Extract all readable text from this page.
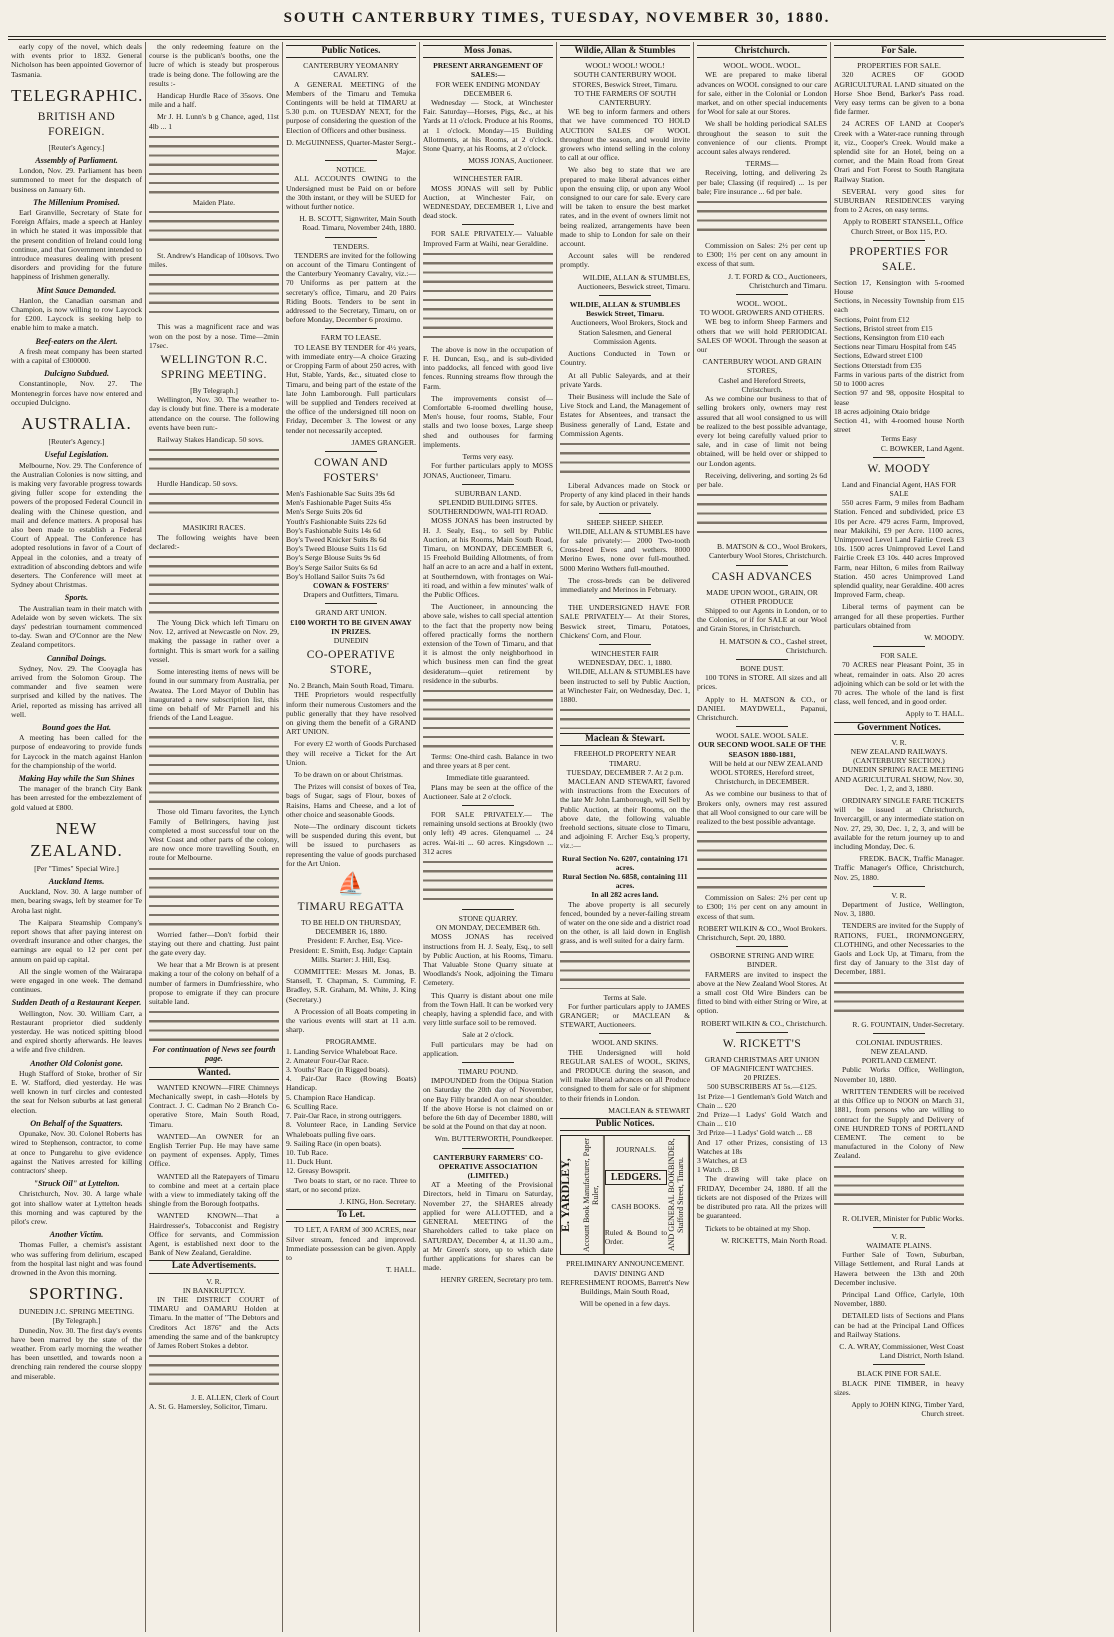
SOUTH CANTERBURY TIMES, TUESDAY, NOVEMBER 30, 1880.

early copy of the novel, which deals with events prior to 1832. General Nicholson has been appointed Governor of Tasmania.

TELEGRAPHIC.
BRITISH AND FOREIGN.
[Reuter's Agency.]
Assembly of Parliament.

London, Nov. 29. Parliament has been summoned to meet for the despatch of business on January 6th.

The Millenium Promised.

Earl Granville, Secretary of State for Foreign Affairs, made a speech at Hanley in which he stated it was impossible that the present condition of Ireland could long continue, and that Government intended to introduce measures dealing with present disorders and providing for the future happiness of Irishmen generally.

Mint Sauce Demanded.

Hanlon, the Canadian oarsman and Champion, is now willing to row Laycock for £200. Laycock is seeking help to enable him to make a match.

Beef-eaters on the Alert.

A fresh meat company has been started with a capital of £300000.

Dulcigno Subdued.

Constantinople, Nov. 27. The Montenegrin forces have now entered and occupied Dulcigno.

AUSTRALIA.
[Reuter's Agency.]
Useful Legislation.

Melbourne, Nov. 29. The Conference of the Australian Colonies is now sitting, and is making very favorable progress towards giving fuller scope for extending the powers of the proposed Federal Council in dealing with the Chinese question, and mail and defence matters. A proposal has also been made to establish a Federal Court of Appeal. The Conference has adopted resolutions in favor of a Court of Appeal in the colonies, and a treaty of extradition of absconding debtors and wife deserters. The Conference will meet at Sydney about Christmas.

Sports.

The Australian team in their match with Adelaide won by seven wickets. The six days' pedestrian tournament commenced to-day. Swan and O'Connor are the New Zealand competitors.

Cannibal Doings.

Sydney, Nov. 29. The Cooyagla has arrived from the Solomon Group. The commander and five seamen were surprised and killed by the natives. The Ariel, reported as missing has arrived all well.

Bound goes the Hat.

A meeting has been called for the purpose of endeavoring to provide funds for Laycock in the match against Hanlon for the championship of the world.

Making Hay while the Sun Shines

The manager of the branch City Bank has been arrested for the embezzlement of gold valued at £800.

NEW ZEALAND.
[Per "Times" Special Wire.]
Auckland Items.

Auckland, Nov. 30. A large number of men, bearing swags, left by steamer for Te Aroha last night.

The Kaipara Steamship Company's report shows that after paying interest on overdraft insurance and other charges, the earnings are equal to 12 per cent per annum on paid up capital.

All the single women of the Wairarapa were engaged in one week. The demand continues.

Sudden Death of a Restaurant Keeper.

Wellington, Nov. 30. William Carr, a Restaurant proprietor died suddenly yesterday. He was noticed spitting blood and expired shortly afterwards. He leaves a wife and five children.

Another Old Colonist gone.

Hugh Stafford of Stoke, brother of Sir E. W. Stafford, died yesterday. He was well known in turf circles and contested the seat for Nelson suburbs at last general election.

On Behalf of the Squatters.

Opunake, Nov. 30. Colonel Roberts has wired to Stephenson, contractor, to come at once to Pungarehu to give evidence against the Natives arrested for killing contractors' sheep.

"Struck Oil" at Lyttelton.

Christchurch, Nov. 30. A large whale got into shallow water at Lyttelton heads this morning and was captured by the pilot's crew.

Another Victim.

Thomas Fuller, a chemist's assistant who was suffering from delirium, escaped from the hospital last night and was found drowned in the Avon this morning.

SPORTING.
DUNEDIN J.C. SPRING MEETING.
[By Telegraph.]

Dunedin, Nov. 30. The first day's events have been marred by the state of the weather. From early morning the weather has been unsettled, and towards noon a drenching rain rendered the course sloppy and miserable.

the only redeeming feature on the course is the publican's booths, one the lucre of which is steady but prosperous trade is being done. The following are the results :-

Handicap Hurdle Race of 35sovs. One mile and a half.

Mr J. H. Lunn's b g Chance, aged, 11st 4lb ... 1

Maiden Plate.

St. Andrew's Handicap of 100sovs. Two miles.

This was a magnificent race and was won on the post by a nose. Time—2min 17sec.

WELLINGTON R.C. SPRING MEETING.
[By Telegraph.]

Wellington, Nov. 30. The weather to-day is cloudy but fine. There is a moderate attendance on the course. The following events have been run:-

Railway Stakes Handicap. 50 sovs.

Hurdle Handicap. 50 sovs.

MASIKIRI RACES.

The following weights have been declared:-

The Young Dick which left Timaru on Nov. 12, arrived at Newcastle on Nov. 29, making the passage in rather over a fortnight. This is smart work for a sailing vessel.

Some interesting items of news will be found in our summary from Australia, per Awatea. The Lord Mayor of Dublin has inaugurated a new subscription list, this time on behalf of Mr Parnell and his friends of the Land League.

Those old Timaru favorites, the Lynch Family of Bellringers, having just completed a most successful tour on the West Coast and other parts of the colony, are now once more travelling South, en route for Melbourne.

Worried father—Don't forbid their staying out there and chatting. Just paint the gate every day.

We hear that a Mr Brown is at present making a tour of the colony on behalf of a number of farmers in Dumfriesshire, who propose to emigrate if they can procure suitable land.

For continuation of News see fourth page.
Wanted.

WANTED KNOWN—FIRE Chimneys Mechanically swept, in cash—Hotels by Contract. J. C. Cadman No 2 Branch Co-operative Store, Main South Road, Timaru.

WANTED—An OWNER for an English Terrier Pup. He may have same on payment of expenses. Apply, Times Office.

WANTED all the Ratepayers of Timaru to combine and meet at a certain place with a view to immediately taking off the shingle from the Borough footpaths.

WANTED KNOWN—That a Hairdresser's, Tobacconist and Registry Office for servants, and Commission Agent, is established next door to the Bank of New Zealand, Geraldine.

Late Advertisements.
V. R.
IN BANKRUPTCY.

IN THE DISTRICT COURT of TIMARU and OAMARU Holden at Timaru. In the matter of "The Debtors and Creditors Act 1876" and the Acts amending the same and of the bankruptcy of James Robert Stokes a debtor.

J. E. ALLEN, Clerk of Court
A. St. G. Hamersley, Solicitor, Timaru.
Public Notices.
CANTERBURY YEOMANRY CAVALRY.

A GENERAL MEETING of the Members of the Timaru and Temuka Contingents will be held at TIMARU at 5.30 p.m. on TUESDAY NEXT, for the purpose of considering the question of the Election of Officers and other business.

D. McGUINNESS, Quarter-Master Sergt.-Major.
NOTICE.

ALL ACCOUNTS OWING to the Undersigned must be Paid on or before the 30th instant, or they will be SUED for without further notice.

H. B. SCOTT, Signwriter, Main South Road. Timaru, November 24th, 1880.
TENDERS.

TENDERS are invited for the following on account of the Timaru Contingent of the Canterbury Yeomanry Cavalry, viz.:— 70 Uniforms as per pattern at the secretary's office, Timaru, and 20 Pairs Riding Boots. Tenders to be sent in addressed to the Secretary, Timaru, on or before Monday, December 6 proximo.

FARM TO LEASE.

TO LEASE BY TENDER for 4½ years, with immediate entry—A choice Grazing or Cropping Farm of about 250 acres, with Hut, Stable, Yards, &c., situated close to Timaru, and being part of the estate of the late John Lamborough. Full particulars will be supplied and Tenders received at the office of the undersigned till noon on Friday, December 3. The lowest or any tender not necessarily accepted.

JAMES GRANGER.
COWAN AND FOSTERS'
Men's Fashionable Sac Suits 39s 6d
Men's Fashionable Paget Suits 45s
Men's Serge Suits 20s 6d
Youth's Fashionable Suits 22s 6d
Boy's Fashionable Suits 14s 6d
Boy's Tweed Knicker Suits 8s 6d
Boy's Tweed Blouse Suits 11s 6d
Boy's Serge Blouse Suits 9s 6d
Boy's Serge Sailor Suits 6s 6d
Boy's Holland Sailor Suits 7s 6d
COWAN & FOSTERS'
Drapers and Outfitters, Timaru.
GRAND ART UNION.
£100 WORTH TO BE GIVEN AWAY IN PRIZES.
DUNEDIN
CO-OPERATIVE STORE,
No. 2 Branch, Main South Road, Timaru.

THE Proprietors would respectfully inform their numerous Customers and the public generally that they have resolved on giving them the benefit of a GRAND ART UNION.

For every £2 worth of Goods Purchased they will receive a Ticket for the Art Union.

To be drawn on or about Christmas.

The Prizes will consist of boxes of Tea, bags of Sugar, sags of Flour, boxes of Raisins, Hams and Cheese, and a lot of other choice and seasonable Goods.

Note—The ordinary discount tickets will be suspended during this event, but will be issued to purchasers as representing the value of goods purchased for the Art Union.

⛵
TIMARU REGATTA
TO BE HELD ON THURSDAY, DECEMBER 16, 1880.

President: F. Archer, Esq. Vice-President: E. Smith, Esq. Judge: Captain Mills. Starter: J. Hill, Esq.

COMMITTEE: Messrs M. Jonas, B. Stansell, T. Chapman, S. Cumming, F. Bradley, S.R. Graham, M. White, J. King (Secretary.)

A Procession of all Boats competing in the various events will start at 11 a.m. sharp.

PROGRAMME.
1. Landing Service Whaleboat Race.
2. Amateur Four-Oar Race.
3. Youths' Race (in Rigged boats).
4. Pair-Oar Race (Rowing Boats) Handicap.
5. Champion Race Handicap.
6. Sculling Race.
7. Pair-Oar Race, in strong outriggers.
8. Volunteer Race, in Landing Service Whaleboats pulling five oars.
9. Sailing Race (in open boats).
10. Tub Race.
11. Duck Hunt.
12. Greasy Bowsprit.

Two boats to start, or no race. Three to start, or no second prize.

J. KING, Hon. Secretary.
To Let.

TO LET, A FARM of 300 ACRES, near Silver stream, fenced and improved. Immediate possession can be given. Apply to

T. HALL.
Moss Jonas.
PRESENT ARRANGEMENT OF SALES:—
FOR WEEK ENDING MONDAY DECEMBER 6.

Wednesday — Stock, at Winchester Fair. Saturday—Horses, Pigs, &c., at his Yards at 11 o'clock. Produce at his Rooms, at 1 o'clock. Monday—15 Building Allotments, at his Rooms, at 2 o'clock. Stone Quarry, at his Rooms, at 2 o'clock.

MOSS JONAS, Auctioneer.
WINCHESTER FAIR.

MOSS JONAS will sell by Public Auction, at Winchester Fair, on WEDNESDAY, DECEMBER 1, Live and dead stock.

FOR SALE PRIVATELY.— Valuable Improved Farm at Waihi, near Geraldine.

The above is now in the occupation of F. H. Duncan, Esq., and is sub-divided into paddocks, all fenced with good live fences. Running streams flow through the Farm.

The improvements consist of—Comfortable 6-roomed dwelling house, Men's house, four rooms, Stable, Four stalls and two loose boxes, Large sheep shed and outhouses for farming implements.

Terms very easy.

For further particulars apply to MOSS JONAS, Auctioneer, Timaru.

SUBURBAN LAND.
SPLENDID BUILDING SITES.
SOUTHERNDOWN, WAI-ITI ROAD.

MOSS JONAS has been instructed by H. J. Sealy, Esq., to sell by Public Auction, at his Rooms, Main South Road, Timaru, on MONDAY, DECEMBER 6, 15 Freehold Building Allotments, of from half an acre to an acre and a half in extent, at Southerndown, with frontages on Wai-iti road, and within a few minutes' walk of the Public Offices.

The Auctioneer, in announcing the above sale, wishes to call special attention to the fact that the property now being offered practically forms the northern extension of the Town of Timaru, and that it is almost the only neighborhood in which business men can find the great desideratum—quiet retirement by residence in the suburbs.

Terms: One-third cash. Balance in two and three years at 8 per cent.

Immediate title guaranteed.

Plans may be seen at the office of the Auctioneer. Sale at 2 o'clock.

FOR SALE PRIVATELY.— The remaining unsold sections at Brookly (two only left) 49 acres. Glenquamel ... 24 acres. Wai-iti ... 60 acres. Kingsdown ... 312 acres

STONE QUARRY.
ON MONDAY, DECEMBER 6th.

MOSS JONAS has received instructions from H. J. Sealy, Esq., to sell by Public Auction, at his Rooms, Timaru. That Valuable Stone Quarry situate at Woodlands's Nook, adjoining the Timaru Cemetery.

This Quarry is distant about one mile from the Town Hall. It can be worked very cheaply, having a splendid face, and with very little surface soil to be removed.

Sale at 2 o'clock.

Full particulars may be had on application.

TIMARU POUND.

IMPOUNDED from the Otipua Station on Saturday the 20th day of November, one Bay Filly branded A on near shoulder. If the above Horse is not claimed on or before the 6th day of December 1880, will be sold at the Pound on that day at noon.

Wm. BUTTERWORTH, Poundkeeper.
CANTERBURY FARMERS' CO-OPERATIVE ASSOCIATION (LIMITED.)

AT a Meeting of the Provisional Directors, held in Timaru on Saturday, November 27, the SHARES already applied for were ALLOTTED, and a GENERAL MEETING of the Shareholders called to take place on SATURDAY, December 4, at 11.30 a.m., at Mr Green's store, up to which date further applications for shares can be made.

HENRY GREEN, Secretary pro tem.
Wildie, Allan & Stumbles
WOOL! WOOL! WOOL!
SOUTH CANTERBURY WOOL STORES, Beswick Street, Timaru.
TO THE FARMERS OF SOUTH CANTERBURY.

WE beg to inform farmers and others that we have commenced TO HOLD AUCTION SALES OF WOOL throughout the season, and would invite growers who intend selling in the colony to call at our office.

We also beg to state that we are prepared to make liberal advances either upon the ensuing clip, or upon any Wool consigned to our care for sale. Every care will be taken to ensure the best market rates, and in the event of owners limit not being realized, arrangements have been made to ship to London for sale on their account.

Account sales will be rendered promptly.

WILDIE, ALLAN & STUMBLES, Auctioneers, Beswick street, Timaru.
WILDIE, ALLAN & STUMBLES Beswick Street, Timaru.

Auctioneers, Wool Brokers, Stock and Station Salesmen, and General Commission Agents.

Auctions Conducted in Town or Country.

At all Public Saleyards, and at their private Yards.

Their Business will include the Sale of Live Stock and Land, the Management of Estates for Absentees, and transact the Business generally of Land, Estate and Commission Agents.

Liberal Advances made on Stock or Property of any kind placed in their hands for sale, by Auction or privately.

SHEEP. SHEEP. SHEEP.

WILDIE, ALLAN & STUMBLES have for sale privately:— 2000 Two-tooth Cross-bred Ewes and wethers. 8000 Merino Ewes, none over full-mouthed. 5000 Merino Wethers full-mouthed.

The cross-breds can be delivered immediately and Merinos in February.

THE UNDERSIGNED HAVE FOR SALE PRIVATELY— At their Stores, Beswick street, Timaru, Potatoes, Chickens' Corn, and Flour.

WINCHESTER FAIR
WEDNESDAY, DEC. 1, 1880.

WILDIE, ALLAN & STUMBLES have been instructed to sell by Public Auction, at Winchester Fair, on Wednesday, Dec. 1, 1880.

Maclean & Stewart.
FREEHOLD PROPERTY NEAR TIMARU.
TUESDAY, DECEMBER 7. At 2 p.m.

MACLEAN AND STEWART, favored with instructions from the Executors of the late Mr John Lamborough, will Sell by Public Auction, at their Rooms, on the above date, the following valuable freehold sections, situate close to Timaru, and adjoining F. Archer Esq.'s property, viz.:—

Rural Section No. 6207, containing 171 acres.
Rural Section No. 6858, containing 111 acres.
In all 282 acres land.

The above property is all securely fenced, bounded by a never-failing stream of water on the one side and a district road on the other, is all laid down in English grass, and is well suited for a dairy farm.

Terms at Sale.

For further particulars apply to JAMES GRANGER; or MACLEAN & STEWART, Auctioneers.

WOOL AND SKINS.

THE Undersigned will hold REGULAR SALES of WOOL, SKINS, and PRODUCE during the season, and will make liberal advances on all Produce consigned to them for sale or for shipment to their friends in London.

MACLEAN & STEWART
Public Notices.
E. YARDLEY,	Account Book Manufacturer, Paper Ruler,
JOURNALS.
LEDGERS.
CASH BOOKS.
Ruled & Bound to Order.	AND GENERAL BOOKBINDER, Stafford Street, Timaru.
PRELIMINARY ANNOUNCEMENT.

DAVIS' DINING AND REFRESHMENT ROOMS, Barrett's New Buildings, Main South Road,

Will be opened in a few days.
Christchurch.
WOOL. WOOL. WOOL.

WE are prepared to make liberal advances on WOOL consigned to our care for sale, either in the Colonial or London market, and on other special inducements for Wool for sale at our Stores.

We shall be holding periodical SALES throughout the season to suit the convenience of our clients. Prompt account sales always rendered.

TERMS—

Receiving, lotting, and delivering 2s per bale; Classing (if required) ... 1s per bale; Fire insurance ... 6d per bale.

Commission on Sales: 2½ per cent up to £300; 1½ per cent on any amount in excess of that sum.

J. T. FORD & CO., Auctioneers, Christchurch and Timaru.
WOOL. WOOL.
TO WOOL GROWERS AND OTHERS.

WE beg to inform Sheep Farmers and others that we will hold PERIODICAL SALES OF WOOL Through the season at our

CANTERBURY WOOL AND GRAIN STORES,
Cashel and Hereford Streets, Christchurch.

As we combine our business to that of selling brokers only, owners may rest assured that all wool consigned to us will be realized to the best possible advantage, every lot being carefully valued prior to sale, and in case of limit not being obtained, will be held over or shipped to our London agents.

Receiving, delivering, and sorting 2s 6d per bale.

B. MATSON & CO., Wool Brokers, Canterbury Wool Stores, Christchurch.
CASH ADVANCES
MADE UPON WOOL, GRAIN, OR OTHER PRODUCE

Shipped to our Agents in London, or to the Colonies, or if for SALE at our Wool and Grain Stores, in Christchurch.

H. MATSON & CO., Cashel street, Christchurch.
BONE DUST.

100 TONS in STORE. All sizes and all prices.

Apply to H. MATSON & CO., or DANIEL MAYDWELL, Papanui, Christchurch.

WOOL SALE. WOOL SALE.
OUR SECOND WOOL SALE OF THE SEASON 1880-1881,

Will be held at our NEW ZEALAND WOOL STORES, Hereford street, Christchurch, in DECEMBER.

As we combine our business to that of Brokers only, owners may rest assured that all Wool consigned to our care will be realized to the best possible advantage.

Commission on Sales: 2½ per cent up to £300; 1½ per cent on any amount in excess of that sum.

ROBERT WILKIN & CO., Wool Brokers.
Christchurch, Sept. 20, 1880.
OSBORNE STRING AND WIRE BINDER.

FARMERS are invited to inspect the above at the New Zealand Wool Stores. At a small cost Old Wire Binders can be fitted to bind with either String or Wire, at option.

ROBERT WILKIN & CO., Christchurch.
W. RICKETT'S
GRAND CHRISTMAS ART UNION
OF MAGNIFICENT WATCHES.
20 PRIZES.
500 SUBSCRIBERS AT 5s.—£125.
1st Prize—1 Gentleman's Gold Watch and Chain ... £20
2nd Prize—1 Ladys' Gold Watch and Chain ... £10
3rd Prize—1 Ladys' Gold watch ... £8
And 17 other Prizes, consisting of 13 Watches at 18s
3 Watches, at £3
1 Watch ... £8

The drawing will take place on FRIDAY, December 24, 1880. If all the tickets are not disposed of the Prizes will be distributed pro rata. All the prizes will be guaranteed.

Tickets to be obtained at my Shop.

W. RICKETTS, Main North Road.
For Sale.
PROPERTIES FOR SALE.

320 ACRES OF GOOD AGRICULTURAL LAND situated on the Horse Shoe Bend, Barker's Pass road. Very easy terms can be given to a bona fide farmer.

24 ACRES OF LAND at Cooper's Creek with a Water-race running through it, viz., Cooper's Creek. Would make a splendid site for an Hotel, being on a corner, and the Main Road from Great Orari and Fort Forest to South Rangitata Railway Station.

SEVERAL very good sites for SUBURBAN RESIDENCES varying from to 2 Acres, on easy terms.

Apply to ROBERT STANSELL, Office Church Street, or Box 115, P.O.

PROPERTIES FOR SALE.
Section 17, Kensington with 5-roomed House
Sections, in Necessity Township from £15 each
Sections, Point from £12
Sections, Bristol street from £15
Sections, Kensington from £10 each
Sections near Timaru Hospital from £45
Sections, Edward street £100
Sections Otterstadt from £35
Farms in various parts of the district from 50 to 1000 acres
Section 97 and 98, opposite Hospital to lease
18 acres adjoining Otaio bridge
Section 41, with 4-roomed house North street
Terms Easy
C. BOWKER, Land Agent.
W. MOODY
Land and Financial Agent, HAS FOR SALE

550 acres Farm, 9 miles from Badham Station. Fenced and subdivided, price £3 10s per Acre. 479 acres Farm, Improved, near Makikihi, £9 per Acre. 1100 acres, Unimproved Level Land Fairlie Creek £3 10s. 1500 acres Unimproved Level Land Fairlie Creek £3 10s. 440 acres Improved Farm, near Hilton, 6 miles from Railway Station. 450 acres Unimproved Land splendid quality, near Geraldine. 400 acres Improved Farm, cheap.

Liberal terms of payment can be arranged for all these properties. Further particulars obtained from

W. MOODY.
FOR SALE.

70 ACRES near Pleasant Point, 35 in wheat, remainder in oats. Also 20 acres adjoining which can be sold or let with the 70 acres. The whole of the land is first class, well fenced, and in good order.

Apply to T. HALL.
Government Notices.
V. R.
NEW ZEALAND RAILWAYS.
(CANTERBURY SECTION.)

DUNEDIN SPRING RACE MEETING AND AGRICULTURAL SHOW, Nov. 30, Dec. 1, 2, and 3, 1880.

ORDINARY SINGLE FARE TICKETS will be issued at Christchurch, Invercargill, or any intermediate station on Nov. 27, 29, 30, Dec. 1, 2, 3, and will be available for the return journey up to and including Monday, Dec. 6.

FREDK. BACK, Traffic Manager.
Traffic Manager's Office, Christchurch, Nov. 25, 1880.
V. R.

Department of Justice, Wellington, Nov. 3, 1880.

TENDERS are invited for the Supply of RATIONS, FUEL, IRONMONGERY, CLOTHING, and other Necessaries to the Gaols and Lock Up, at Timaru, from the first day of January to the 31st day of December, 1881.

R. G. FOUNTAIN, Under-Secretary.
COLONIAL INDUSTRIES.
NEW ZEALAND.
PORTLAND CEMENT.

Public Works Office, Wellington, November 10, 1880.

WRITTEN TENDERS will be received at this Office up to NOON on March 31, 1881, from persons who are willing to contract for the Supply and Delivery of ONE HUNDRED TONS of PORTLAND CEMENT. The cement to be manufactured in the Colony of New Zealand.

R. OLIVER, Minister for Public Works.
V. R.
WAIMATE PLAINS.

Further Sale of Town, Suburban, Village Settlement, and Rural Lands at Hawera between the 13th and 20th December inclusive.

Principal Land Office, Carlyle, 10th November, 1880.

DETAILED lists of Sections and Plans can be had at the Principal Land Offices and Railway Stations.

C. A. WRAY, Commissioner, West Coast Land District, North Island.
BLACK PINE FOR SALE.

BLACK PINE TIMBER, in heavy sizes.

Apply to JOHN KING, Timber Yard, Church street.
